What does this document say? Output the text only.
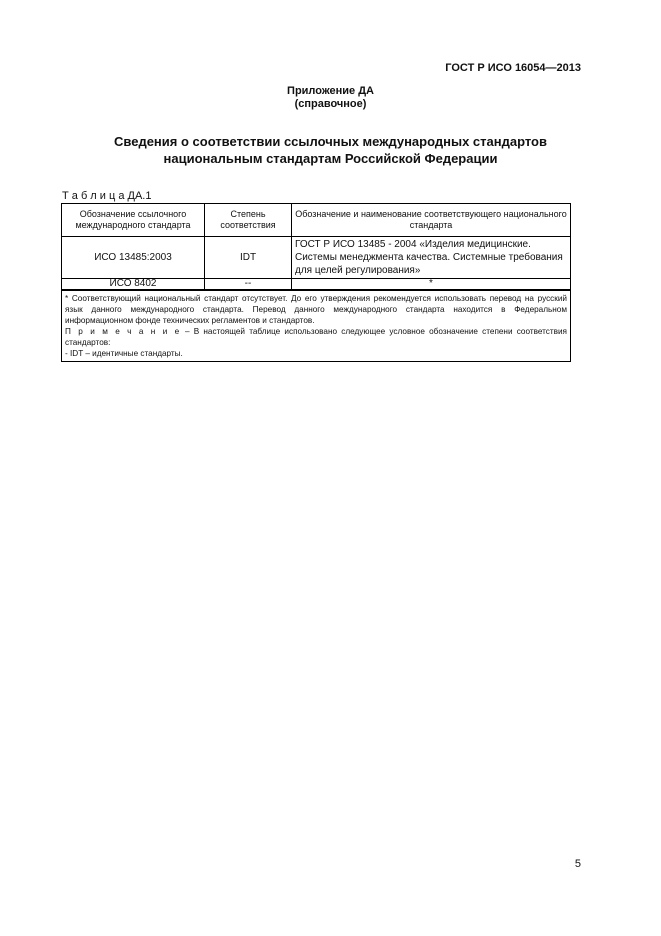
ГОСТ Р ИСО 16054—2013
Приложение ДА
(справочное)
Сведения о соответствии ссылочных международных стандартов
национальным стандартам Российской Федерации
Т а б л и ц а ДА.1
Обозначение ссылочного международного стандарта	Степень соответствия	Обозначение и наименование соответствующего национального стандарта
ИСО 13485:2003	IDT	ГОСТ Р ИСО 13485 - 2004 «Изделия медицинские. Системы менеджмента качества. Системные требования для целей регулирования»
ИСО 8402	--	*

* Соответствующий национальный стандарт отсутствует. До его утверждения рекомендуется использовать перевод на русский язык данного международного стандарта. Перевод данного международного стандарта находится в Федеральном информационном фонде технических регламентов и стандартов.
П р и м е ч а н и е – В настоящей таблице использовано следующее условное обозначение степени соответствия стандартов:
- IDT – идентичные стандарты.		
5
